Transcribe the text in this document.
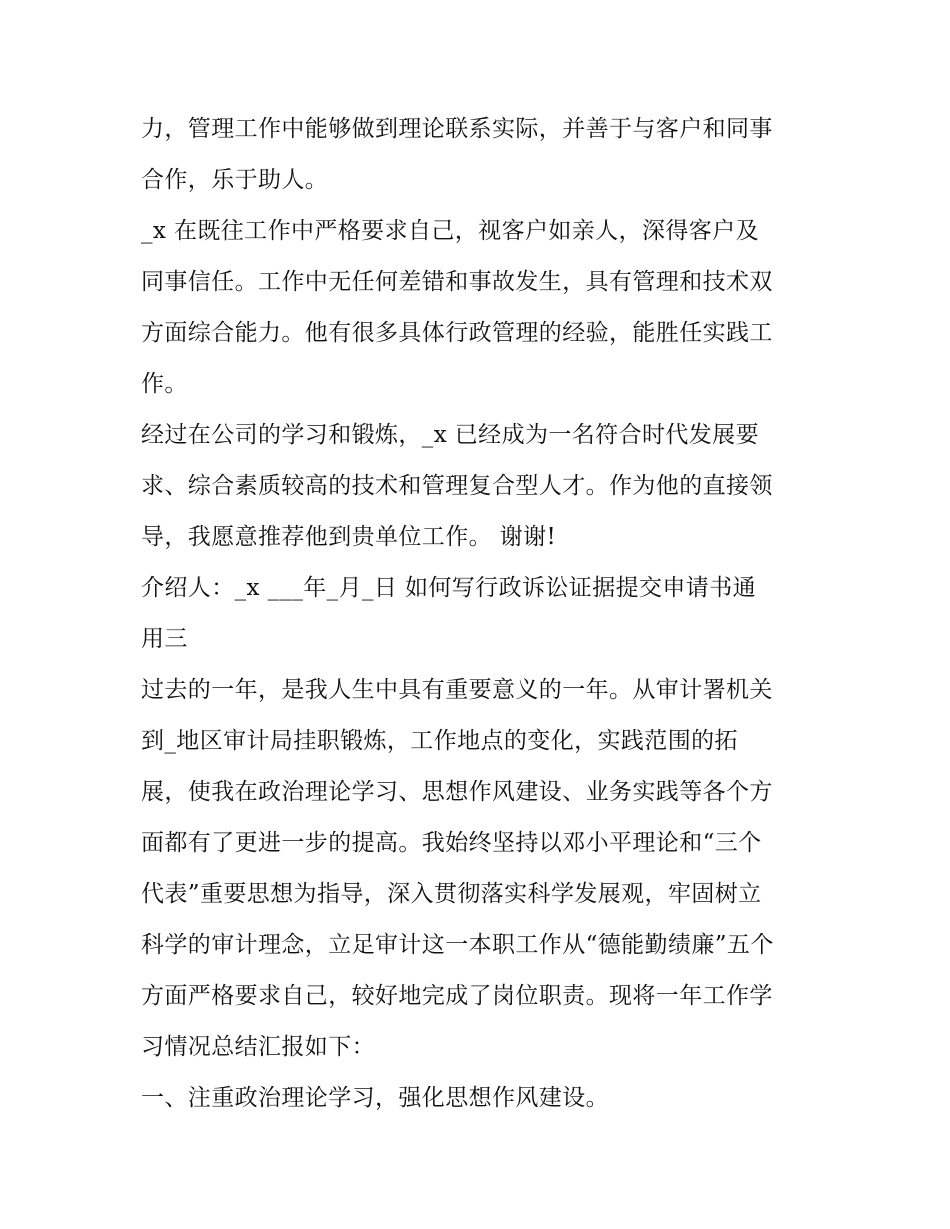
力，管理工作中能够做到理论联系实际，并善于与客户和同事
合作，乐于助人。
_x 在既往工作中严格要求自己，视客户如亲人，深得客户及
同事信任。工作中无任何差错和事故发生，具有管理和技术双
方面综合能力。他有很多具体行政管理的经验，能胜任实践工
作。
经过在公司的学习和锻炼，_x 已经成为一名符合时代发展要
求、综合素质较高的技术和管理复合型人才。作为他的直接领
导，我愿意推荐他到贵单位工作。 谢谢!
介绍人：_x ___年_月_日 如何写行政诉讼证据提交申请书通
用三
过去的一年，是我人生中具有重要意义的一年。从审计署机关
到_地区审计局挂职锻炼，工作地点的变化，实践范围的拓
展，使我在政治理论学习、思想作风建设、业务实践等各个方
面都有了更进一步的提高。我始终坚持以邓小平理论和“三个
代表”重要思想为指导，深入贯彻落实科学发展观，牢固树立
科学的审计理念，立足审计这一本职工作从“德能勤绩廉”五个
方面严格要求自己，较好地完成了岗位职责。现将一年工作学
习情况总结汇报如下：
一、注重政治理论学习，强化思想作风建设。
